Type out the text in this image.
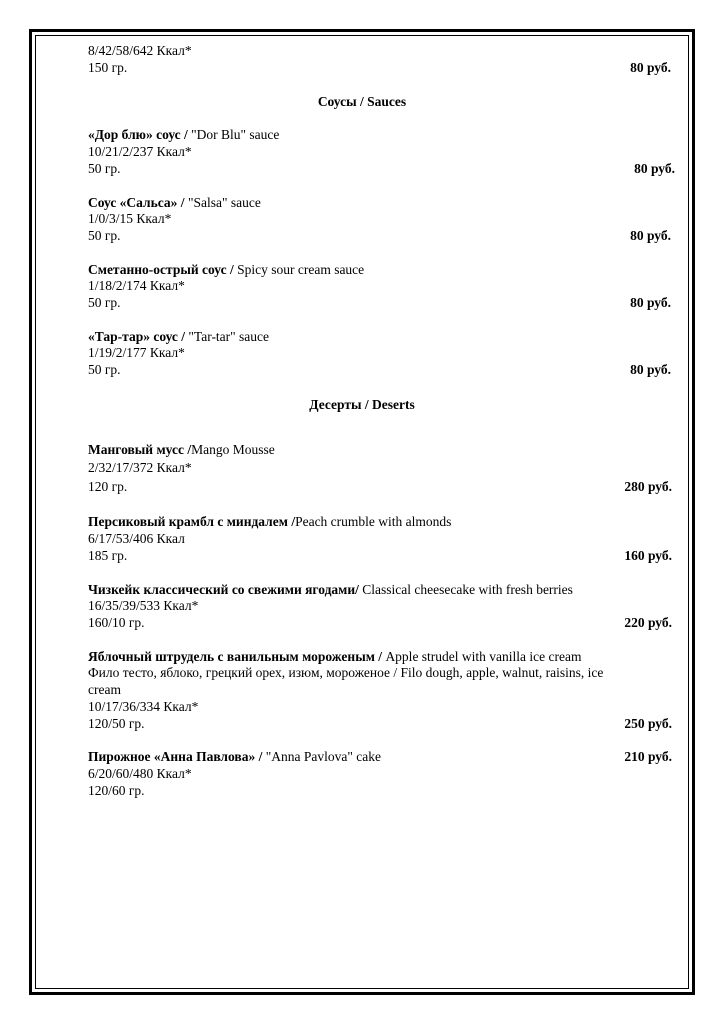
8/42/58/642 Ккал*
150 гр.	80 руб.
Соусы / Sauces
«Дор блю» соус / "Dor Blu" sauce
10/21/2/237 Ккал*
50 гр.	80 руб.
Соус «Сальса» / "Salsa" sauce
1/0/3/15 Ккал*
50 гр.	80 руб.
Сметанно-острый соус / Spicy sour cream sauce
1/18/2/174 Ккал*
50 гр.	80 руб.
«Тар-тар» соус / "Tar-tar" sauce
1/19/2/177 Ккал*
50 гр.	80 руб.
Десерты / Deserts
Манговый мусс /Mango Mousse
2/32/17/372 Ккал*
120 гр.	280 руб.
Персиковый крамбл с миндалем /Peach crumble with almonds
6/17/53/406 Ккал
185 гр.	160 руб.
Чизкейк классический со свежими ягодами/ Classical cheesecake with fresh berries
16/35/39/533 Ккал*
160/10 гр.	220 руб.
Яблочный штрудель с ванильным мороженым / Apple strudel with vanilla ice cream
Фило тесто, яблоко, грецкий орех, изюм, мороженое / Filo dough, apple, walnut, raisins, ice
cream
10/17/36/334 Ккал*
120/50 гр.	250 руб.
Пирожное «Анна Павлова» / "Anna Pavlova" cake	210 руб.
6/20/60/480 Ккал*
120/60 гр.
